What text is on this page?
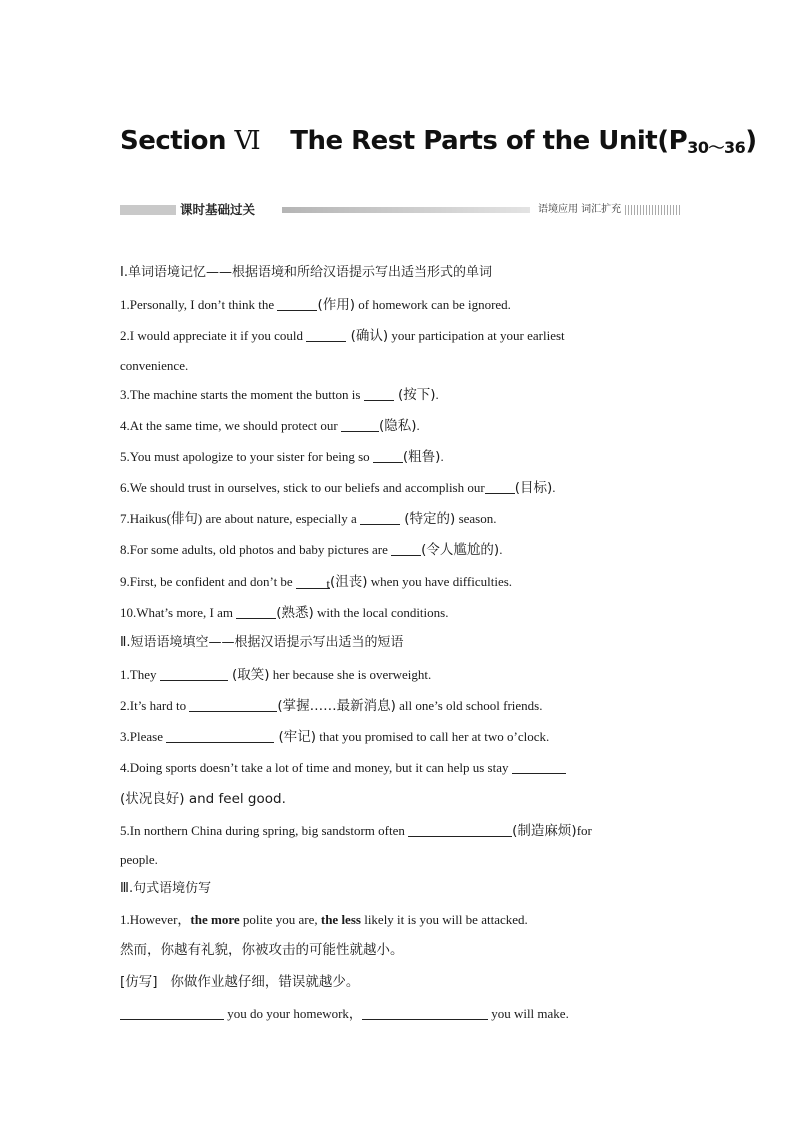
Section Ⅵ The Rest Parts of the $Unit(P_{30\sim 36})$
课时基础过关	语境应用 词汇扩充
Ⅰ.单词语境记忆——根据语境和所给汉语提示写出适当形式的单词
1.Personally, I don’t think the	(作用) of homework can be ignored.
2.I would appreciate it if you could	(确认) your participation at your earliest
convenience.
3.The machine starts the moment the button is  (按下).
4.At the same time, we should protect our	(隐私).
5.You must apologize to your sister for being so (粗鲁).
6.We should trust in ourselves, stick to our beliefs and accomplish our (目标).
7.Haikus(俳句) are about nature, especially a	(特定的) season.
8.For some adults, old photos and baby pictures are (令人尴尬的).
9.First, be confident and don’t be t(沮丧) when you have difficulties.
10.What’s more, I am	(熟悉) with the local conditions.
Ⅱ.短语语境填空——根据汉语提示写出适当的短语
1.They	(取笑) her because she is overweight.
2.It’s hard to	(掌握……最新消息) all one’s old school friends.
3.Please	(牢记) that you promised to call her at two o’clock.
4.Doing sports doesn’t take a lot of time and money, but it can help us stay
(状况良好) and feel good.
5.In northern China during spring, big sandstorm often	(制造麻烦)for
people.
Ⅲ.句式语境仿写
1.However，the more polite you are, the less likely it is you will be attacked.
然而，你越有礼貌，你被攻击的可能性就越小。
[仿写] 你做作业越仔细，错误就越少。
you do your homework，	you will make.
